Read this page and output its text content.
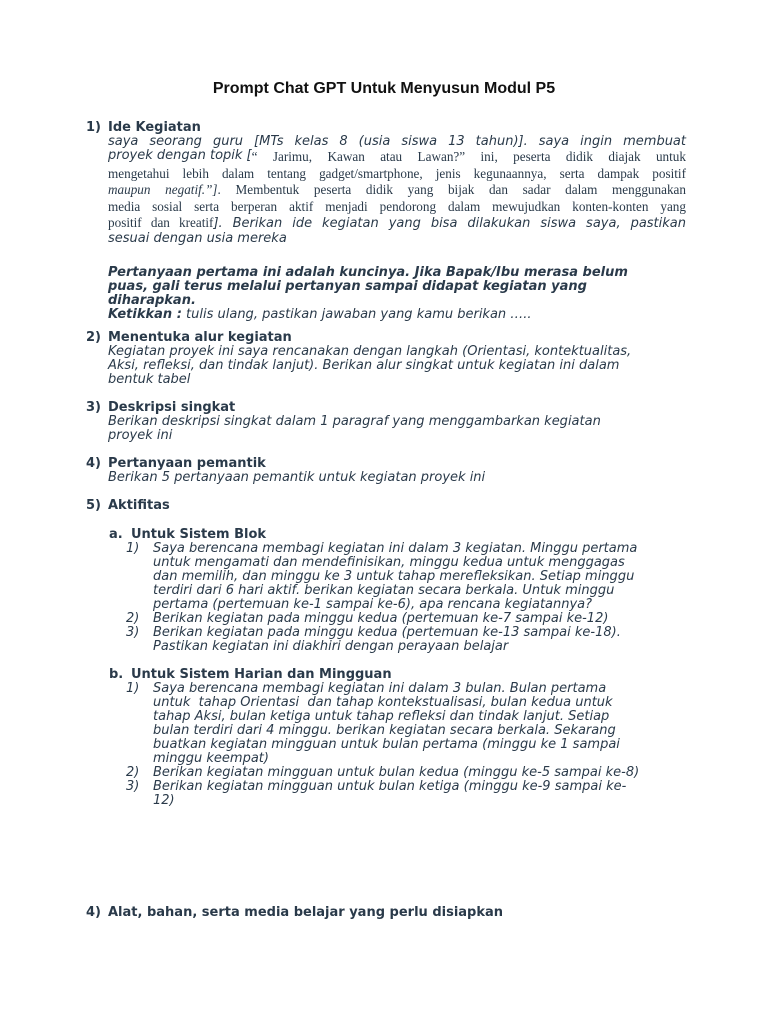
Prompt Chat GPT Untuk Menyusun Modul P5
1) Ide Kegiatan
saya seorang guru [MTs kelas 8 (usia siswa 13 tahun)]. saya ingin membuat
proyek dengan topik [ “ Jarimu, Kawan atau Lawan?” ini, peserta didik diajak untuk
mengetahui lebih dalam tentang gadget/smartphone, jenis kegunaannya, serta dampak positif
maupun negatif.”]. Membentuk peserta didik yang bijak dan sadar dalam menggunakan
media sosial serta berperan aktif menjadi pendorong dalam mewujudkan konten-konten yang
positif dan kreatif]. Berikan ide kegiatan yang bisa dilakukan siswa saya, pastikan
sesuai dengan usia mereka
Pertanyaan pertama ini adalah kuncinya. Jika Bapak/Ibu merasa belum
puas, gali terus melalui pertanyan sampai didapat kegiatan yang
diharapkan.
Ketikkan : tulis ulang, pastikan jawaban yang kamu berikan …..
2) Menentuka alur kegiatan
Kegiatan proyek ini saya rencanakan dengan langkah (Orientasi, kontektualitas,
Aksi, refleksi, dan tindak lanjut). Berikan alur singkat untuk kegiatan ini dalam
bentuk tabel
3) Deskripsi singkat
Berikan deskripsi singkat dalam 1 paragraf yang menggambarkan kegiatan
proyek ini
4) Pertanyaan pemantik
Berikan 5 pertanyaan pemantik untuk kegiatan proyek ini
5) Aktifitas
a. Untuk Sistem Blok
1)	Saya berencana membagi kegiatan ini dalam 3 kegiatan. Minggu pertama
untuk mengamati dan mendefinisikan, minggu kedua untuk menggagas
dan memilih, dan minggu ke 3 untuk tahap merefleksikan. Setiap minggu
terdiri dari 6 hari aktif. berikan kegiatan secara berkala. Untuk minggu
pertama (pertemuan ke-1 sampai ke-6), apa rencana kegiatannya?
2)	Berikan kegiatan pada minggu kedua (pertemuan ke-7 sampai ke-12)
3)	Berikan kegiatan pada minggu kedua (pertemuan ke-13 sampai ke-18).
Pastikan kegiatan ini diakhiri dengan perayaan belajar
b. Untuk Sistem Harian dan Mingguan
1)	Saya berencana membagi kegiatan ini dalam 3 bulan. Bulan pertama
untuk  tahap Orientasi  dan tahap kontekstualisasi, bulan kedua untuk
tahap Aksi, bulan ketiga untuk tahap refleksi dan tindak lanjut. Setiap
bulan terdiri dari 4 minggu. berikan kegiatan secara berkala. Sekarang
buatkan kegiatan mingguan untuk bulan pertama (minggu ke 1 sampai
minggu keempat)
2)	Berikan kegiatan mingguan untuk bulan kedua (minggu ke-5 sampai ke-8)
3)	Berikan kegiatan mingguan untuk bulan ketiga (minggu ke-9 sampai ke-
12)
4) Alat, bahan, serta media belajar yang perlu disiapkan
